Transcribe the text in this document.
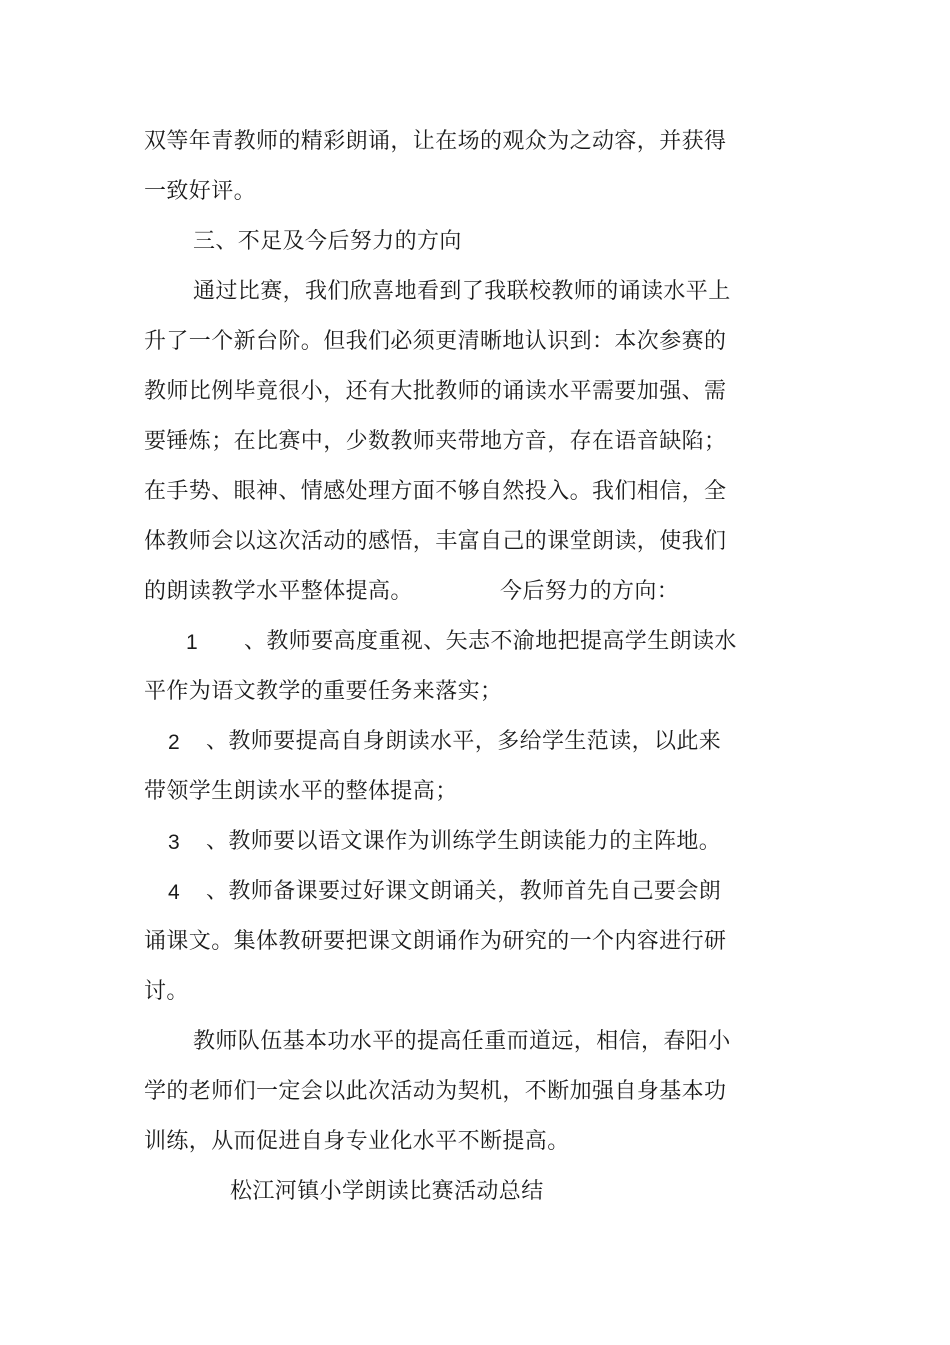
双等年青教师的精彩朗诵，让在场的观众为之动容，并获得
一致好评。
三、不足及今后努力的方向
通过比赛，我们欣喜地看到了我联校教师的诵读水平上
升了一个新台阶。但我们必须更清晰地认识到：本次参赛的
教师比例毕竟很小，还有大批教师的诵读水平需要加强、需
要锤炼；在比赛中，少数教师夹带地方音，存在语音缺陷；
在手势、眼神、情感处理方面不够自然投入。我们相信，全
体教师会以这次活动的感悟，丰富自己的课堂朗读，使我们
的朗读教学水平整体提高。	今后努力的方向：
1 、教师要高度重视、矢志不渝地把提高学生朗读水
平作为语文教学的重要任务来落实；
2 、教师要提高自身朗读水平，多给学生范读，以此来
带领学生朗读水平的整体提高；
3 、教师要以语文课作为训练学生朗读能力的主阵地。
4 、教师备课要过好课文朗诵关，教师首先自己要会朗
诵课文。集体教研要把课文朗诵作为研究的一个内容进行研
讨。
教师队伍基本功水平的提高任重而道远，相信，春阳小
学的老师们一定会以此次活动为契机，不断加强自身基本功
训练，从而促进自身专业化水平不断提高。
松江河镇小学朗读比赛活动总结
